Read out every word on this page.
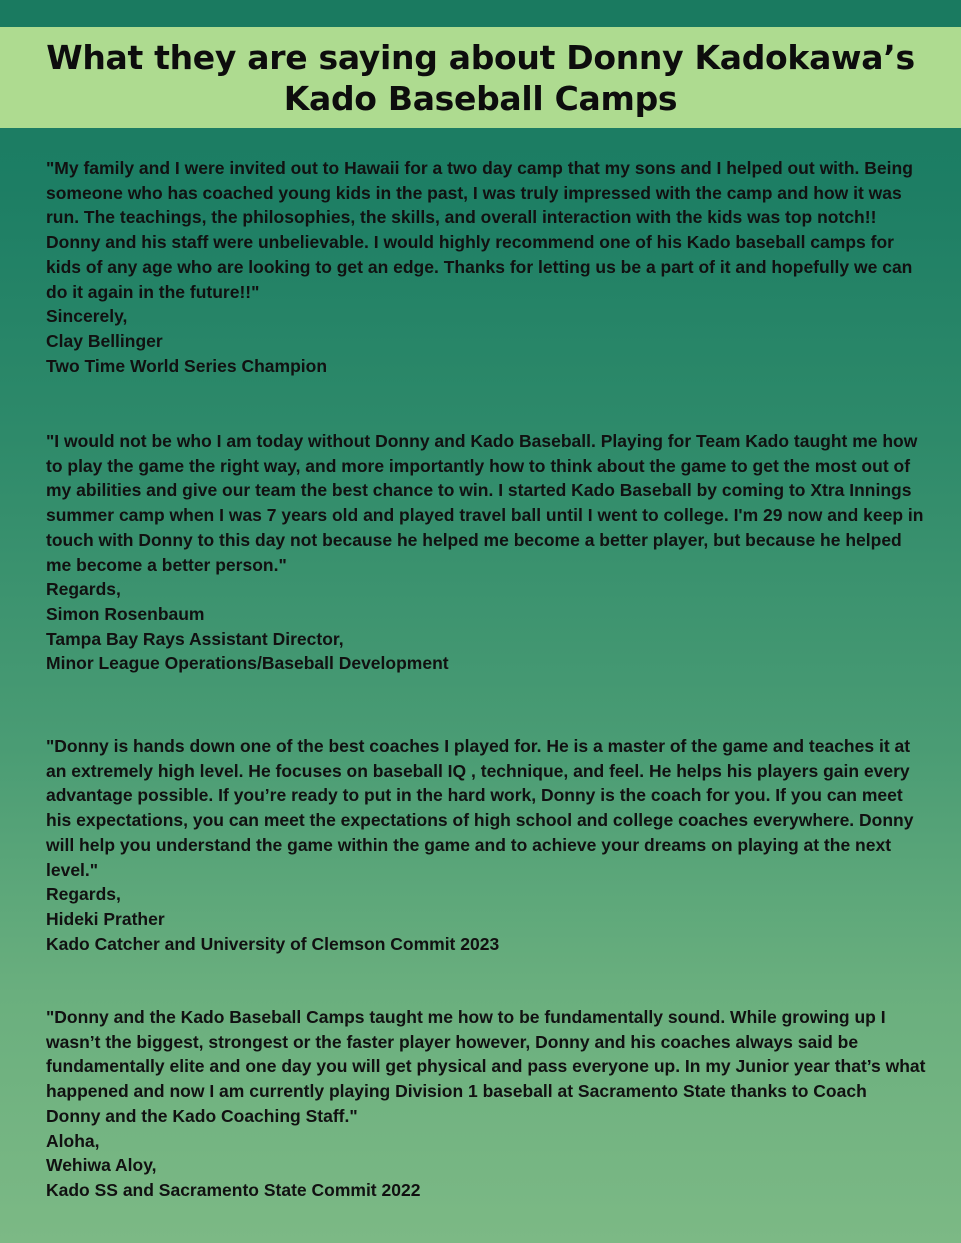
What they are saying about Donny Kadokawa’s
Kado Baseball Camps

"My family and I were invited out to Hawaii for a two day camp that my sons and I helped out with. Being someone who has coached young kids in the past, I was truly impressed with the camp and how it was run. The teachings, the philosophies, the skills, and overall interaction with the kids was top notch!! Donny and his staff were unbelievable. I would highly recommend one of his Kado baseball camps for kids of any age who are looking to get an edge. Thanks for letting us be a part of it and hopefully we can do it again in the future!!"
Sincerely,
Clay Bellinger
Two Time World Series Champion

"I would not be who I am today without Donny and Kado Baseball. Playing for Team Kado taught me how to play the game the right way, and more importantly how to think about the game to get the most out of my abilities and give our team the best chance to win. I started Kado Baseball by coming to Xtra Innings summer camp when I was 7 years old and played travel ball until I went to college. I'm 29 now and keep in touch with Donny to this day not because he helped me become a better player, but because he helped me become a better person."
Regards,
Simon Rosenbaum
Tampa Bay Rays Assistant Director,
Minor League Operations/Baseball Development

"Donny is hands down one of the best coaches I played for. He is a master of the game and teaches it at an extremely high level. He focuses on baseball IQ , technique, and feel. He helps his players gain every advantage possible. If you’re ready to put in the hard work, Donny is the coach for you. If you can meet his expectations, you can meet the expectations of high school and college coaches everywhere. Donny will help you understand the game within the game and to achieve your dreams on playing at the next level."
Regards,
Hideki Prather
Kado Catcher and University of Clemson Commit 2023

"Donny and the Kado Baseball Camps taught me how to be fundamentally sound. While growing up I wasn’t the biggest, strongest or the faster player however, Donny and his coaches always said be fundamentally elite and one day you will get physical and pass everyone up. In my Junior year that’s what happened and now I am currently playing Division 1 baseball at Sacramento State thanks to Coach Donny and the Kado Coaching Staff."
Aloha,
Wehiwa Aloy,
Kado SS and Sacramento State Commit 2022
